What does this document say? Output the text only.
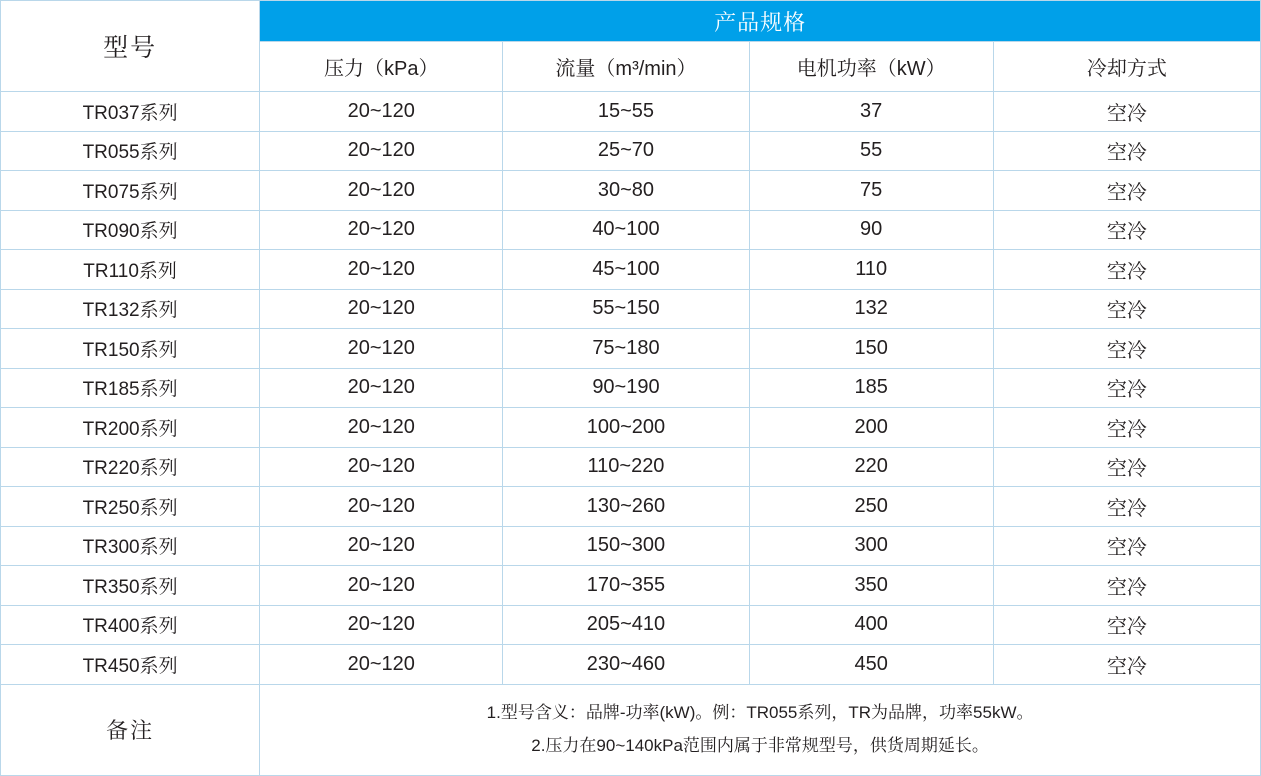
型号	产品规格			
	压力（kPa）	流量（m³/min）	电机功率（kW）	冷却方式
TR037系列	20~120	15~55	37	空冷
TR055系列	20~120	25~70	55	空冷
TR075系列	20~120	30~80	75	空冷
TR090系列	20~120	40~100	90	空冷
TR110系列	20~120	45~100	110	空冷
TR132系列	20~120	55~150	132	空冷
TR150系列	20~120	75~180	150	空冷
TR185系列	20~120	90~190	185	空冷
TR200系列	20~120	100~200	200	空冷
TR220系列	20~120	110~220	220	空冷
TR250系列	20~120	130~260	250	空冷
TR300系列	20~120	150~300	300	空冷
TR350系列	20~120	170~355	350	空冷
TR400系列	20~120	205~410	400	空冷
TR450系列	20~120	230~460	450	空冷
备注	1.型号含义：品牌-功率(kW)。例：TR055系列，TR为品牌，功率55kW。
2.压力在90~140kPa范围内属于非常规型号，供货周期延长。			
